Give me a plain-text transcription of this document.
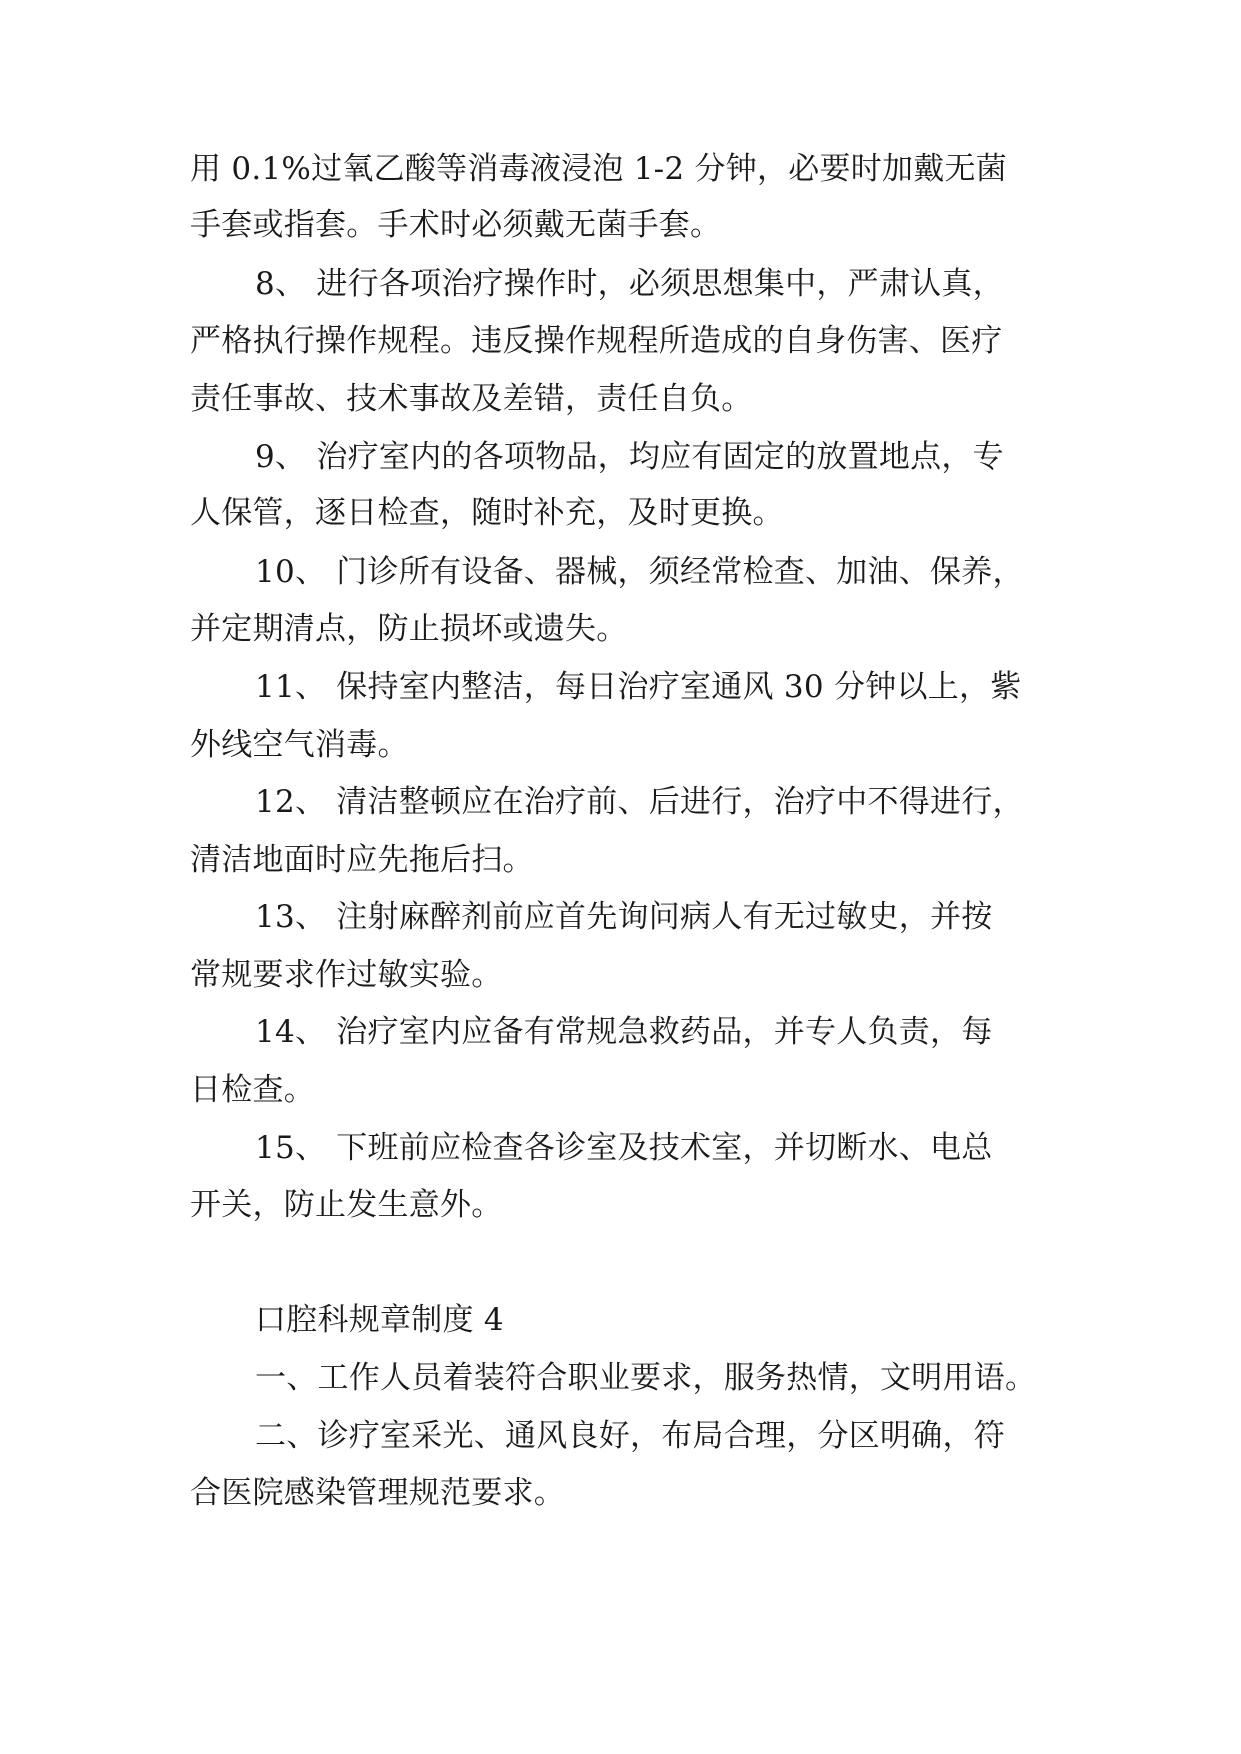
用 0.1%过氧乙酸等消毒液浸泡 1-2 分钟，必要时加戴无菌
手套或指套。手术时必须戴无菌手套。
8、 进行各项治疗操作时，必须思想集中，严肃认真，
严格执行操作规程。违反操作规程所造成的自身伤害、医疗
责任事故、技术事故及差错，责任自负。
9、 治疗室内的各项物品，均应有固定的放置地点，专
人保管，逐日检查，随时补充，及时更换。
10、 门诊所有设备、器械，须经常检查、加油、保养，
并定期清点，防止损坏或遗失。
11、 保持室内整洁，每日治疗室通风 30 分钟以上，紫
外线空气消毒。
12、 清洁整顿应在治疗前、后进行，治疗中不得进行，
清洁地面时应先拖后扫。
13、 注射麻醉剂前应首先询问病人有无过敏史，并按
常规要求作过敏实验。
14、 治疗室内应备有常规急救药品，并专人负责，每
日检查。
15、 下班前应检查各诊室及技术室，并切断水、电总
开关，防止发生意外。
口腔科规章制度 4
一、工作人员着装符合职业要求，服务热情，文明用语。
二、诊疗室采光、通风良好，布局合理，分区明确，符
合医院感染管理规范要求。
